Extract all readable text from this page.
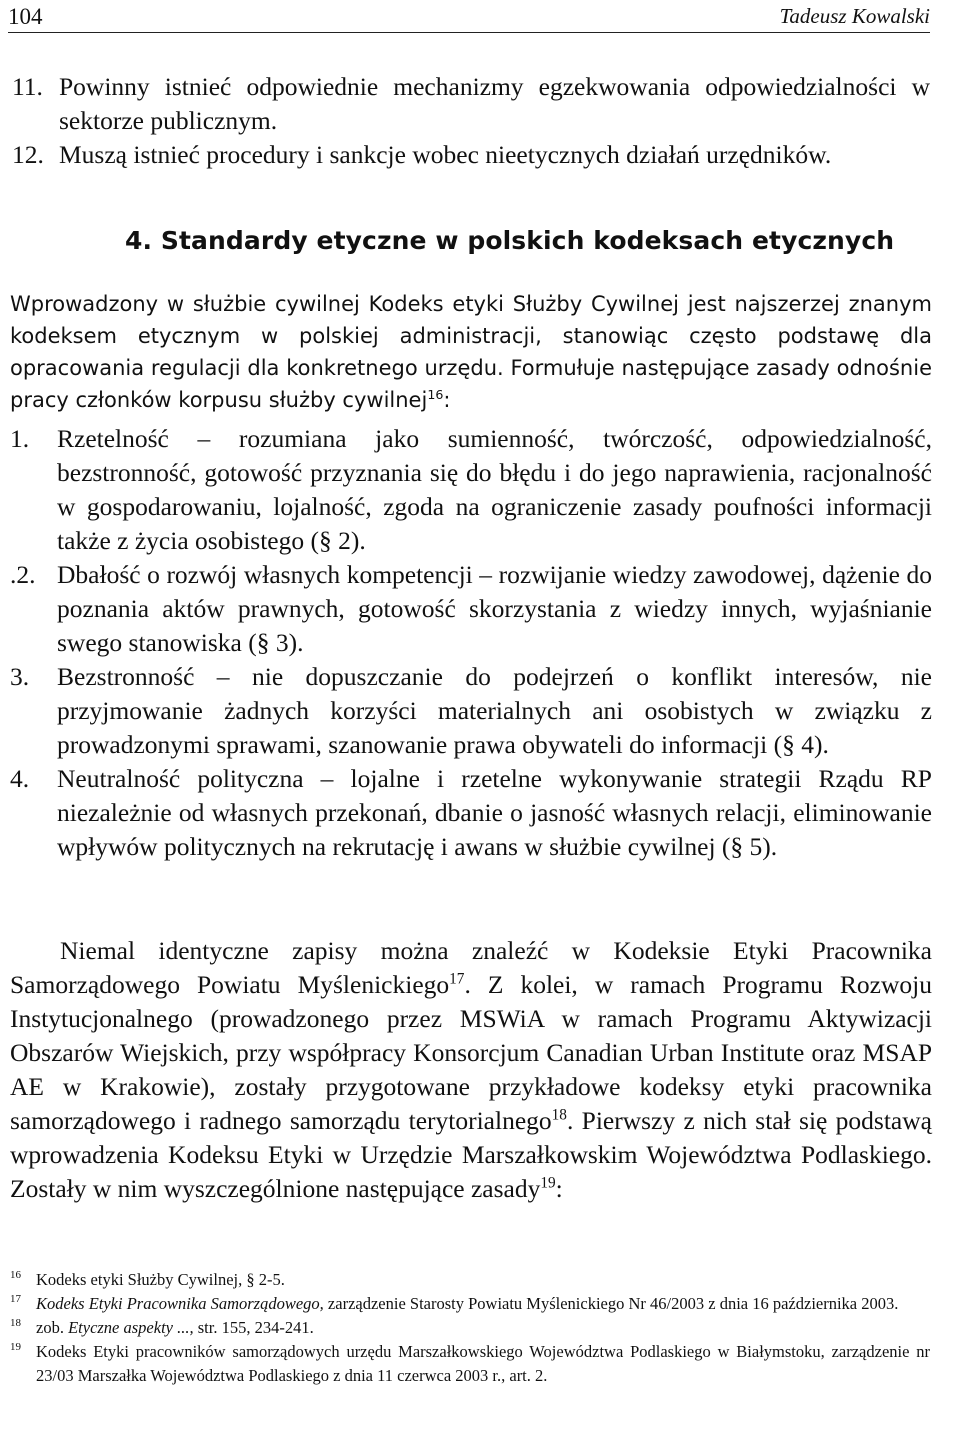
104	Tadeusz Kowalski
11. Powinny istnieć odpowiednie mechanizmy egzekwowania odpowiedzialności w sektorze publicznym.
12. Muszą istnieć procedury i sankcje wobec nieetycznych działań urzędników.
4. Standardy etyczne w polskich kodeksach etycznych

Wprowadzony w służbie cywilnej Kodeks etyki Służby Cywilnej jest najszerzej znanym kodeksem etycznym w polskiej administracji, stanowiąc często podstawę dla opracowania regulacji dla konkretnego urzędu. Formułuje następujące zasady odnośnie pracy członków korpusu służby cywilnej$^{16}$:

1.	Rzetelność – rozumiana jako sumienność, twórczość, odpowiedzialność, bezstronność, gotowość przyznania się do błędu i do jego naprawienia, racjonalność w gospodarowaniu, lojalność, zgoda na ograniczenie zasady poufności informacji także z życia osobistego (§ 2).
.2. Dbałość o rozwój własnych kompetencji – rozwijanie wiedzy zawodowej, dążenie do poznania aktów prawnych, gotowość skorzystania z wiedzy innych, wyjaśnianie swego stanowiska (§ 3).
3.	Bezstronność – nie dopuszczanie do podejrzeń o konflikt interesów, nie przyjmowanie żadnych korzyści materialnych ani osobistych w związku z prowadzonymi sprawami, szanowanie prawa obywateli do informacji (§ 4).
4.	Neutralność polityczna – lojalne i rzetelne wykonywanie strategii Rządu RP niezależnie od własnych przekonań, dbanie o jasność własnych relacji, eliminowanie wpływów politycznych na rekrutację i awans w służbie cywilnej (§ 5).

Niemal identyczne zapisy można znaleźć w Kodeksie Etyki Pracownika Samorządowego Powiatu Myślenickiego$^{17}$. Z kolei, w ramach Programu Rozwoju Instytucjonalnego (prowadzonego przez MSWiA w ramach Programu Aktywizacji Obszarów Wiejskich, przy współpracy Konsorcjum Canadian Urban Institute oraz MSAP AE w Krakowie), zostały przygotowane przykładowe kodeksy etyki pracownika samorządowego i radnego samorządu terytorialnego$^{18}$. Pierwszy z nich stał się podstawą wprowadzenia Kodeksu Etyki w Urzędzie Marszałkowskim Województwa Podlaskiego. Zostały w nim wyszczególnione następujące zasady$^{19}$:

16 Kodeks etyki Służby Cywilnej, § 2-5.
17 Kodeks Etyki Pracownika Samorządowego, zarządzenie Starosty Powiatu Myślenickiego Nr 46/2003 z dnia 16 października 2003.
18 zob. Etyczne aspekty ..., str. 155, 234-241.
19 Kodeks Etyki pracowników samorządowych urzędu Marszałkowskiego Województwa Podlaskiego w Białymstoku, zarządzenie nr 23/03 Marszałka Województwa Podlaskiego z dnia 11 czerwca 2003 r., art. 2.
